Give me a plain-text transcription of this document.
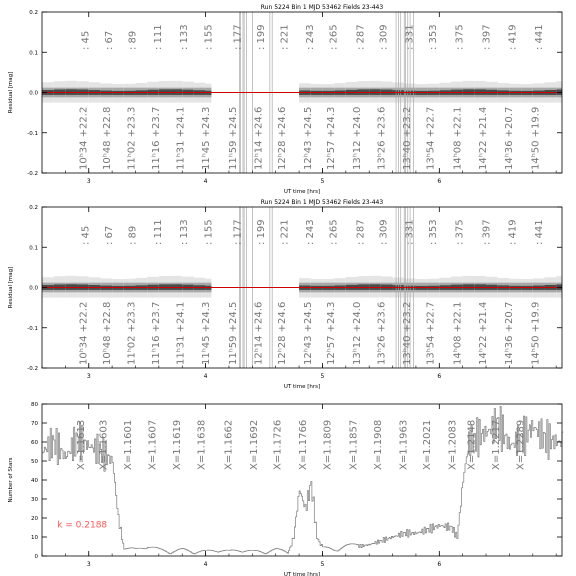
: 45 : 67 : 89 : 111 : 133 : 155 : 177 : 199 : 221 : 243 : 265 : 287 : 309 : 331 : 353 : 375 : 397 : 419 : 441
10ʰ34 +22.2 10ʰ48 +22.8 11ʰ02 +23.3 11ʰ16 +23.7 11ʰ31 +24.1 11ʰ45 +24.3 11ʰ59 +24.5 12ʰ14 +24.6 12ʰ28 +24.6 12ʰ43 +24.5 12ʰ57 +24.3 13ʰ12 +24.0 13ʰ26 +23.6 13ʰ40 +23.2 13ʰ54 +22.7 14ʰ08 +22.1 14ʰ22 +21.4 14ʰ36 +20.7 14ʰ50 +19.9
3	4	5	6
-0.2
-0.1
0.0
0.1
0.2
UT time [hrs]
Residual [mag]
Run 5224 Bin 1 MJD 53462 Fields 23-443
: 45 : 67 : 89 : 111 : 133 : 155 : 177 : 199 : 221 : 243 : 265 : 287 : 309 : 331 : 353 : 375 : 397 : 419 : 441
10ʰ34 +22.2 10ʰ48 +22.8 11ʰ02 +23.3 11ʰ16 +23.7 11ʰ31 +24.1 11ʰ45 +24.3 11ʰ59 +24.5 12ʰ14 +24.6 12ʰ28 +24.6 12ʰ43 +24.5 12ʰ57 +24.3 13ʰ12 +24.0 13ʰ26 +23.6 13ʰ40 +23.2 13ʰ54 +22.7 14ʰ08 +22.1 14ʰ22 +21.4 14ʰ36 +20.7 14ʰ50 +19.9
3	4	5	6
-0.2
-0.1
0.0
0.1
0.2
UT time [hrs]
Residual [mag]
Run 5224 Bin 1 MJD 53462 Fields 23-443
X=1.1613 X=1.1603 X=1.1601 X=1.1607 X=1.1619 X=1.1638 X=1.1662 X=1.1692 X=1.1726 X=1.1766 X=1.1809 X=1.1857 X=1.1908 X=1.1963 X=1.2021 X=1.2083 X=1.2148 X=1.2217 X=1.2289
k = 0.2188
3	4	5	6
0
10
20
30
40
50
60
70
80
UT time [hrs]
Number of Stars
